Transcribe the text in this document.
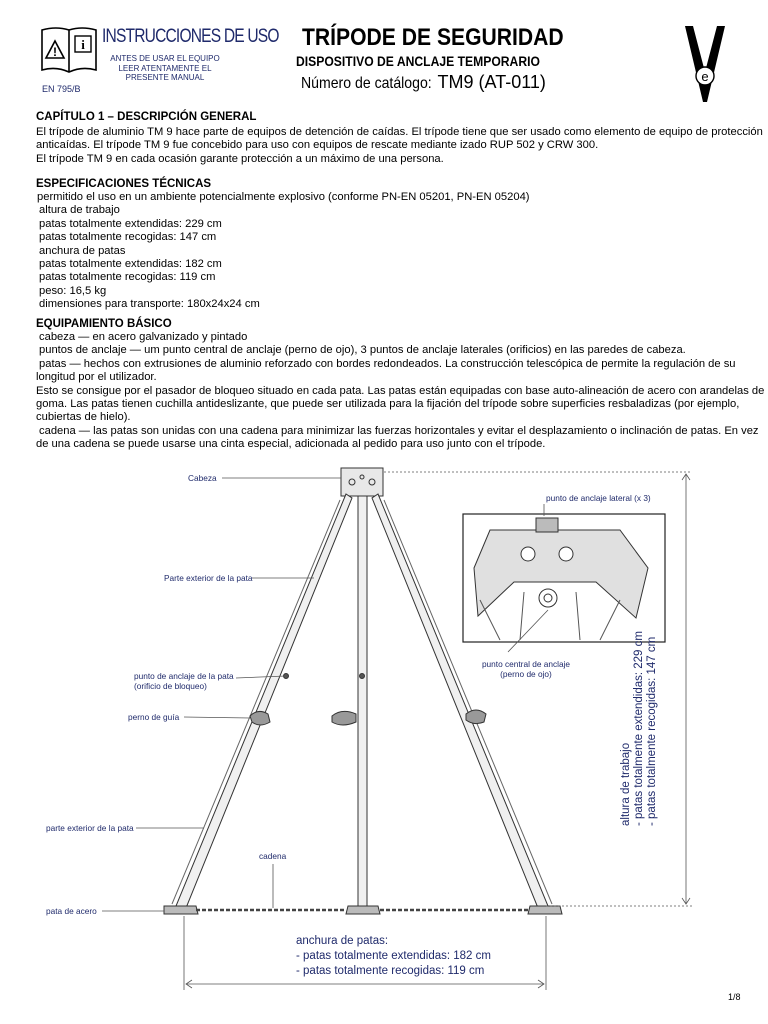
! i INSTRUCCIONES DE USO
ANTES DE USAR EL EQUIPO
LEER ATENTAMENTE EL
PRESENTE MANUAL
EN 795/B
TRÍPODE DE SEGURIDAD
DISPOSITIVO DE ANCLAJE TEMPORARIO
Número de catálogo: TM9 (AT-011)	e
CAPÍTULO 1 – DESCRIPCIÓN GENERAL
El trípode de aluminio TM 9 hace parte de equipos de detención de caídas. El trípode tiene que ser usado como elemento de equipo de protección
anticaídas. El trípode TM 9 fue concebido para uso con equipos de rescate mediante izado RUP 502 y CRW 300.
El trípode TM 9 en cada ocasión garante protección a un máximo de una persona.
ESPECIFICACIONES TÉCNICAS
permitido el uso en un ambiente potencialmente explosivo (conforme PN-EN 05201, PN-EN 05204)
altura de trabajo
patas totalmente extendidas: 229 cm
patas totalmente recogidas: 147 cm
anchura de patas
patas totalmente extendidas: 182 cm
patas totalmente recogidas: 119 cm
peso: 16,5 kg
dimensiones para transporte: 180x24x24 cm
EQUIPAMIENTO BÁSICO
cabeza — en acero galvanizado y pintado
puntos de anclaje — um punto central de anclaje (perno de ojo), 3 puntos de anclaje laterales (orificios) en las paredes de cabeza.
patas — hechos con extrusiones de aluminio reforzado con bordes redondeados. La construcción telescópica de permite la regulación de su
longitud por el utilizador.
Esto se consigue por el pasador de bloqueo situado en cada pata. Las patas están equipadas con base auto-alineación de acero con arandelas de
goma. Las patas tienen cuchilla antideslizante, que puede ser utilizada para la fijación del trípode sobre superficies resbaladizas (por ejemplo,
cubiertas de hielo).
cadena — las patas son unidas con una cadena para minimizar las fuerzas horizontales y evitar el desplazamiento o inclinación de patas. En vez
de una cadena se puede usarse una cinta especial, adicionada al pedido para uso junto con el trípode.
Cabeza
punto de anclaje lateral (x 3)
Parte exterior de la pata
punto central de anclaje
(perno de ojo)
punto de anclaje de la pata
(orificio de bloqueo)
perno de guía
parte exterior de la pata
cadena
pata de acero
altura de trabajo - patas totalmente extendidas: 229 cm - patas totalmente recogidas: 147 cm
anchura de patas:
- patas totalmente extendidas: 182 cm
- patas totalmente recogidas: 119 cm
1/8
